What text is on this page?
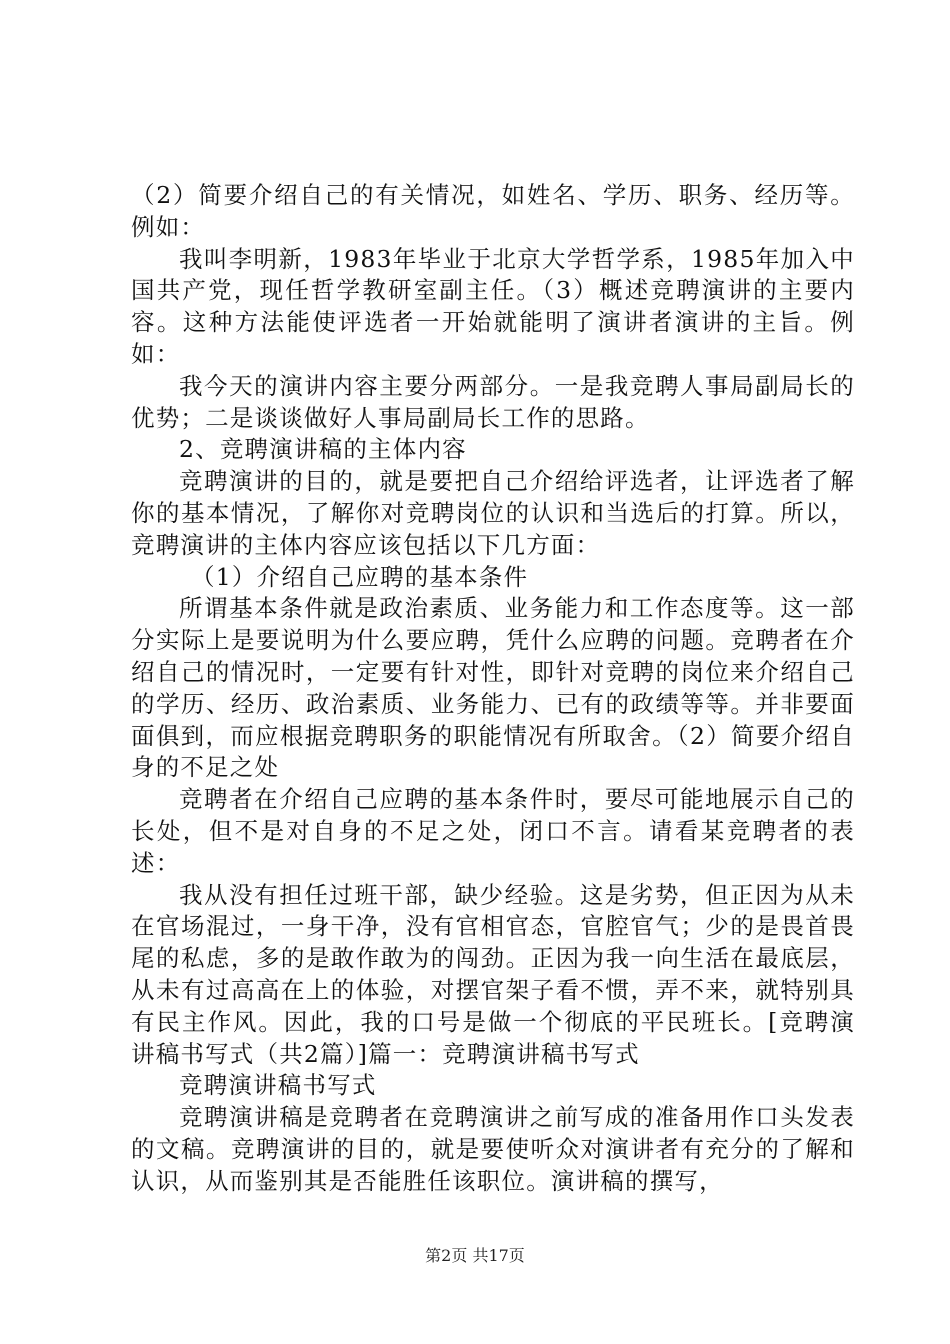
（2）简要介绍自己的有关情况，如姓名、学历、职务、经历等。例如：

我叫李明新，1983年毕业于北京大学哲学系，1985年加入中国共产党，现任哲学教研室副主任。（3）概述竞聘演讲的主要内容。这种方法能使评选者一开始就能明了演讲者演讲的主旨。例如：

我今天的演讲内容主要分两部分。一是我竞聘人事局副局长的优势；二是谈谈做好人事局副局长工作的思路。

2、竞聘演讲稿的主体内容

竞聘演讲的目的，就是要把自己介绍给评选者，让评选者了解你的基本情况，了解你对竞聘岗位的认识和当选后的打算。所以，竞聘演讲的主体内容应该包括以下几方面：

（1）介绍自己应聘的基本条件

所谓基本条件就是政治素质、业务能力和工作态度等。这一部分实际上是要说明为什么要应聘，凭什么应聘的问题。竞聘者在介绍自己的情况时，一定要有针对性，即针对竞聘的岗位来介绍自己的学历、经历、政治素质、业务能力、已有的政绩等等。并非要面面俱到，而应根据竞聘职务的职能情况有所取舍。（2）简要介绍自身的不足之处

竞聘者在介绍自己应聘的基本条件时，要尽可能地展示自己的长处，但不是对自身的不足之处，闭口不言。请看某竞聘者的表述：

我从没有担任过班干部，缺少经验。这是劣势，但正因为从未在官场混过，一身干净，没有官相官态，官腔官气；少的是畏首畏尾的私虑，多的是敢作敢为的闯劲。正因为我一向生活在最底层，从未有过高高在上的体验，对摆官架子看不惯，弄不来，就特别具有民主作风。因此，我的口号是做一个彻底的平民班长。[竞聘演讲稿书写式（共2篇）]篇一：竞聘演讲稿书写式

竞聘演讲稿书写式

竞聘演讲稿是竞聘者在竞聘演讲之前写成的准备用作口头发表的文稿。竞聘演讲的目的，就是要使听众对演讲者有充分的了解和认识，从而鉴别其是否能胜任该职位。演讲稿的撰写，

第2页 共17页
